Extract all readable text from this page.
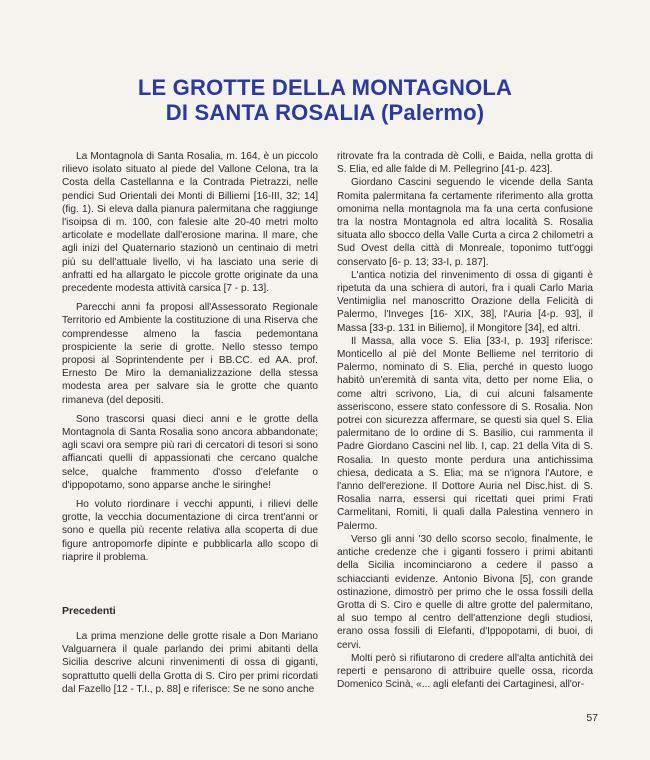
LE GROTTE DELLA MONTAGNOLA
DI SANTA ROSALIA (Palermo)

La Montagnola di Santa Rosalia, m. 164, è un piccolo rilievo isolato situato al piede del Vallone Celona, tra la Costa della Castellanna e la Contrada Pietrazzi, nelle pendici Sud Orientali dei Monti di Billiemi [16-III, 32; 14] (fig. 1). Si eleva dalla pianura palermitana che raggiunge l'isoipsa di m. 100, con falesie alte 20-40 metri molto articolate e modellate dall'erosione marina. Il mare, che agli inizi del Quaternario stazionò un centinaio di metri più su dell'attuale livello, vi ha lasciato una serie di anfratti ed ha allargato le piccole grotte originate da una precedente modesta attività carsica [7 - p. 13].

Parecchi anni fa proposi all'Assessorato Regionale Territorio ed Ambiente la costituzione di una Riserva che comprendesse almeno la fascia pedemontana prospiciente la serie di grotte. Nello stesso tempo proposi al Soprintendente per i BB.CC. ed AA. prof. Ernesto De Miro la demanializzazione della stessa modesta area per salvare sia le grotte che quanto rimaneva (del depositi.

Sono trascorsi quasi dieci anni e le grotte della Montagnola di Santa Rosalia sono ancora abbandonate; agli scavi ora sempre più rari di cercatori di tesori si sono affiancati quelli di appassionati che cercano qualche selce, qualche frammento d'osso d'elefante o d'ippopotamo, sono apparse anche le siringhe!

Ho voluto riordinare i vecchi appunti, i rilievi delle grotte, la vecchia documentazione di circa trent'anni or sono e quella più recente relativa alla scoperta di due figure antropomorfe dipinte e pubblicarla allo scopo di riaprire il problema.

Precedenti

La prima menzione delle grotte risale a Don Mariano Valguarnera il quale parlando dei primi abitanti della Sicilia descrive alcuni rinvenimenti di ossa di giganti, soprattutto quelli della Grotta di S. Ciro per primi ricordati dal Fazello [12 - T.I., p. 88] e riferisce: Se ne sono anche

ritrovate fra la contrada dè Colli, e Baida, nella grotta di S. Elia, ed alle falde di M. Pellegrino [41-p. 423].

Giordano Cascini seguendo le vicende della Santa Romita palermitana fa certamente riferimento alla grotta omonima nella montagnola ma fa una certa confusione tra la nostra Montagnola ed altra località S. Rosalia situata allo sbocco della Valle Curta a circa 2 chilometri a Sud Ovest della città di Monreale, toponimo tutt'oggi conservato [6- p. 13; 33-I, p. 187].

L'antica notizia del rinvenimento di ossa di giganti è ripetuta da una schiera di autori, fra i quali Carlo Maria Ventimiglia nel manoscritto Orazione della Felicità di Palermo, l'Inveges [16- XIX, 38], l'Auria [4-p. 93], il Massa [33-p. 131 in Biliemo], il Mongitore [34], ed altri.

Il Massa, alla voce S. Elia [33-I, p. 193] riferisce: Monticello al piè del Monte Bellieme nel territorio di Palermo, nominato di S. Elia, perché in questo luogo habitò un'eremità di santa vita, detto per nome Elia, o come altri scrivono, Lia, di cui alcuni falsamente asseriscono, essere stato confessore di S. Rosalia. Non potrei con sicurezza affermare, se questi sia quel S. Elia palermitano de lo ordine di S. Basilio, cui rammenta il Padre Giordano Cascini nel lib. I, cap. 21 della Vita di S. Rosalia. In questo monte perdura una antichissima chiesa, dedicata a S. Elia; ma se n'ignora l'Autore, e l'anno dell'erezione. Il Dottore Auria nel Disc.hist. di S. Rosalia narra, essersi qui ricettati quei primi Frati Carmelitani, Romiti, li quali dalla Palestina vennero in Palermo.

Verso gli anni '30 dello scorso secolo, finalmente, le antiche credenze che i giganti fossero i primi abitanti della Sicilia incominciarono a cedere il passo a schiaccianti evidenze. Antonio Bivona [5], con grande ostinazione, dimostrò per primo che le ossa fossili della Grotta di S. Ciro e quelle di altre grotte del palermitano, al suo tempo al centro dell'attenzione degli studiosi, erano ossa fossili di Elefanti, d'Ippopotami, di buoi, di cervi.

Molti però si rifiutarono di credere all'alta antichità dei reperti e pensarono di attribuire quelle ossa, ricorda Domenico Scinà, «... agli elefanti dei Cartaginesi, all'or-

57
